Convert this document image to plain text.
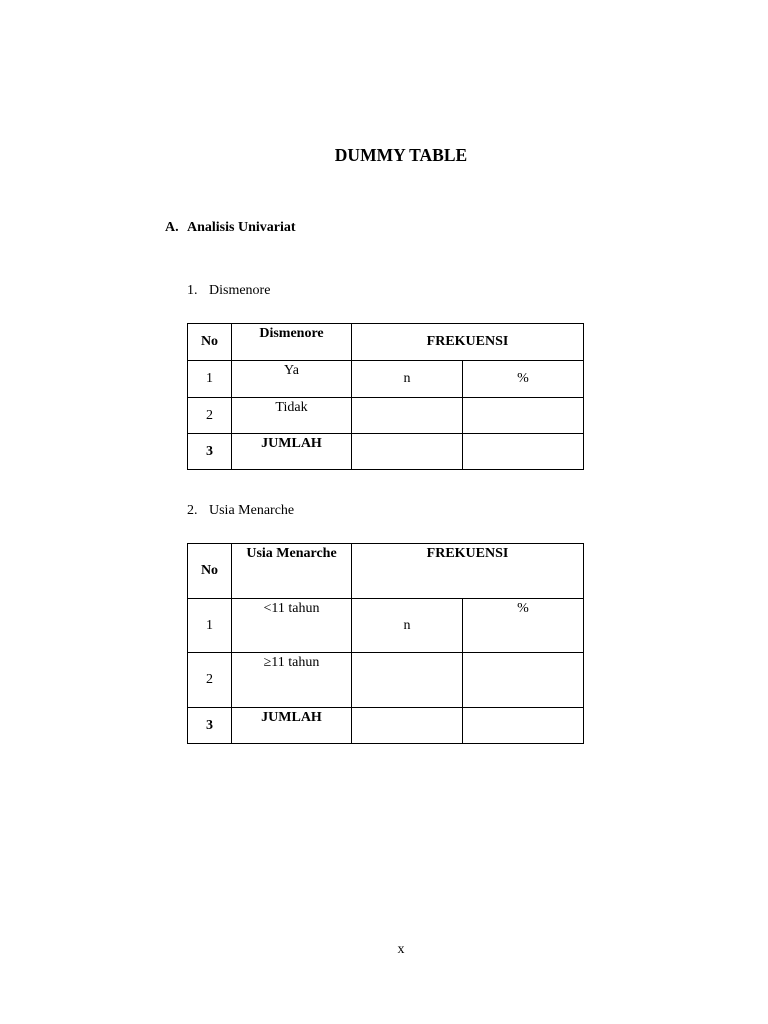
DUMMY TABLE
A. Analisis Univariat
1. Dismenore
No	Dismenore	FREKUENSI	
1	Ya	n	%
2	Tidak		
3	JUMLAH		
2. Usia Menarche
No	Usia Menarche	FREKUENSI	
1	<11 tahun	n	%
2	≥11 tahun		
3	JUMLAH		

x
